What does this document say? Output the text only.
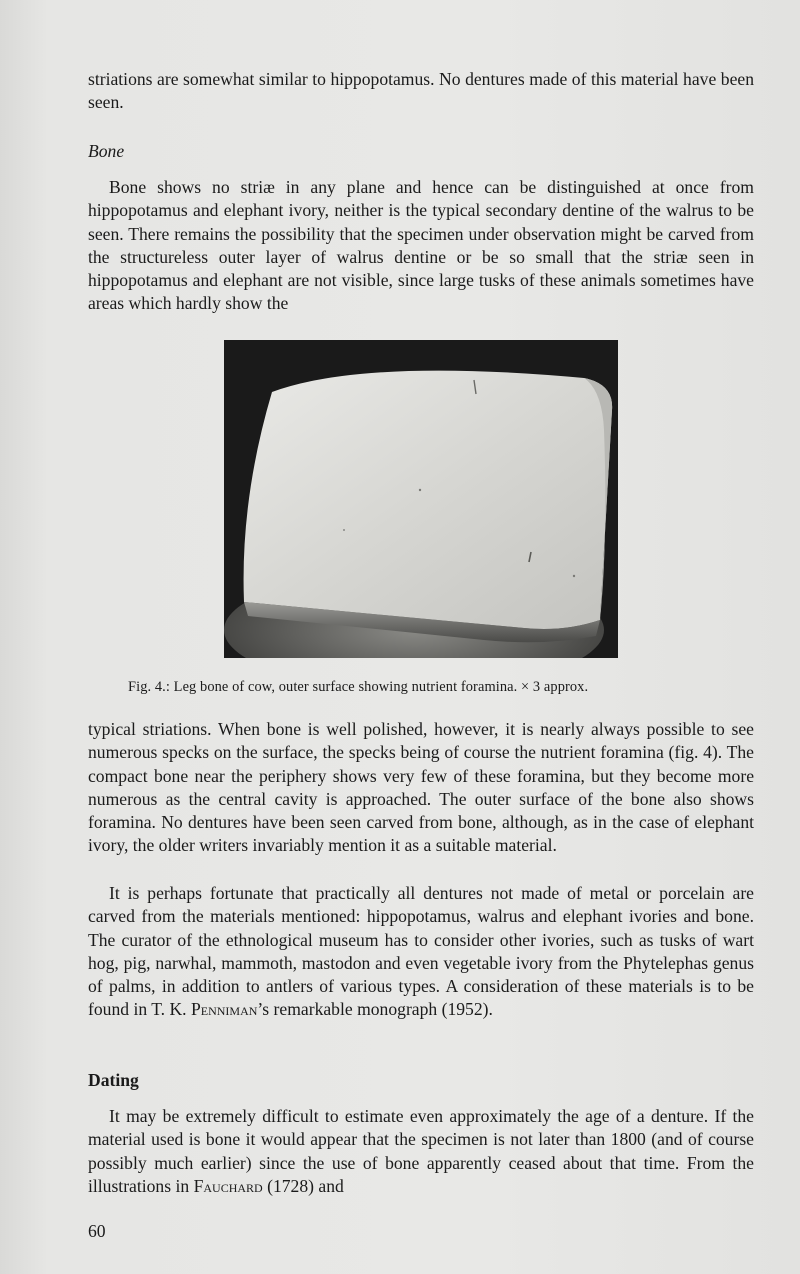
striations are somewhat similar to hippopotamus. No dentures made of this material have been seen.

Bone

Bone shows no striæ in any plane and hence can be distinguished at once from hippopotamus and elephant ivory, neither is the typical secondary dentine of the walrus to be seen. There remains the possibility that the specimen under observation might be carved from the structureless outer layer of walrus dentine or be so small that the striæ seen in hippopotamus and elephant are not visible, since large tusks of these animals sometimes have areas which hardly show the

Fig. 4.: Leg bone of cow, outer surface showing nutrient foramina. × 3 approx.

typical striations. When bone is well polished, however, it is nearly always possible to see numerous specks on the surface, the specks being of course the nutrient foramina (fig. 4). The compact bone near the periphery shows very few of these foramina, but they become more numerous as the central cavity is approached. The outer surface of the bone also shows foramina. No dentures have been seen carved from bone, although, as in the case of elephant ivory, the older writers invariably mention it as a suitable material.

It is perhaps fortunate that practically all dentures not made of metal or porcelain are carved from the materials mentioned: hippopotamus, walrus and elephant ivories and bone. The curator of the ethnological museum has to consider other ivories, such as tusks of wart hog, pig, narwhal, mammoth, mastodon and even vegetable ivory from the Phytelephas genus of palms, in addition to antlers of various types. A consideration of these materials is to be found in T. K. Penniman’s remarkable monograph (1952).

Dating

It may be extremely difficult to estimate even approximately the age of a denture. If the material used is bone it would appear that the specimen is not later than 1800 (and of course possibly much earlier) since the use of bone apparently ceased about that time. From the illustrations in Fauchard (1728) and

60
